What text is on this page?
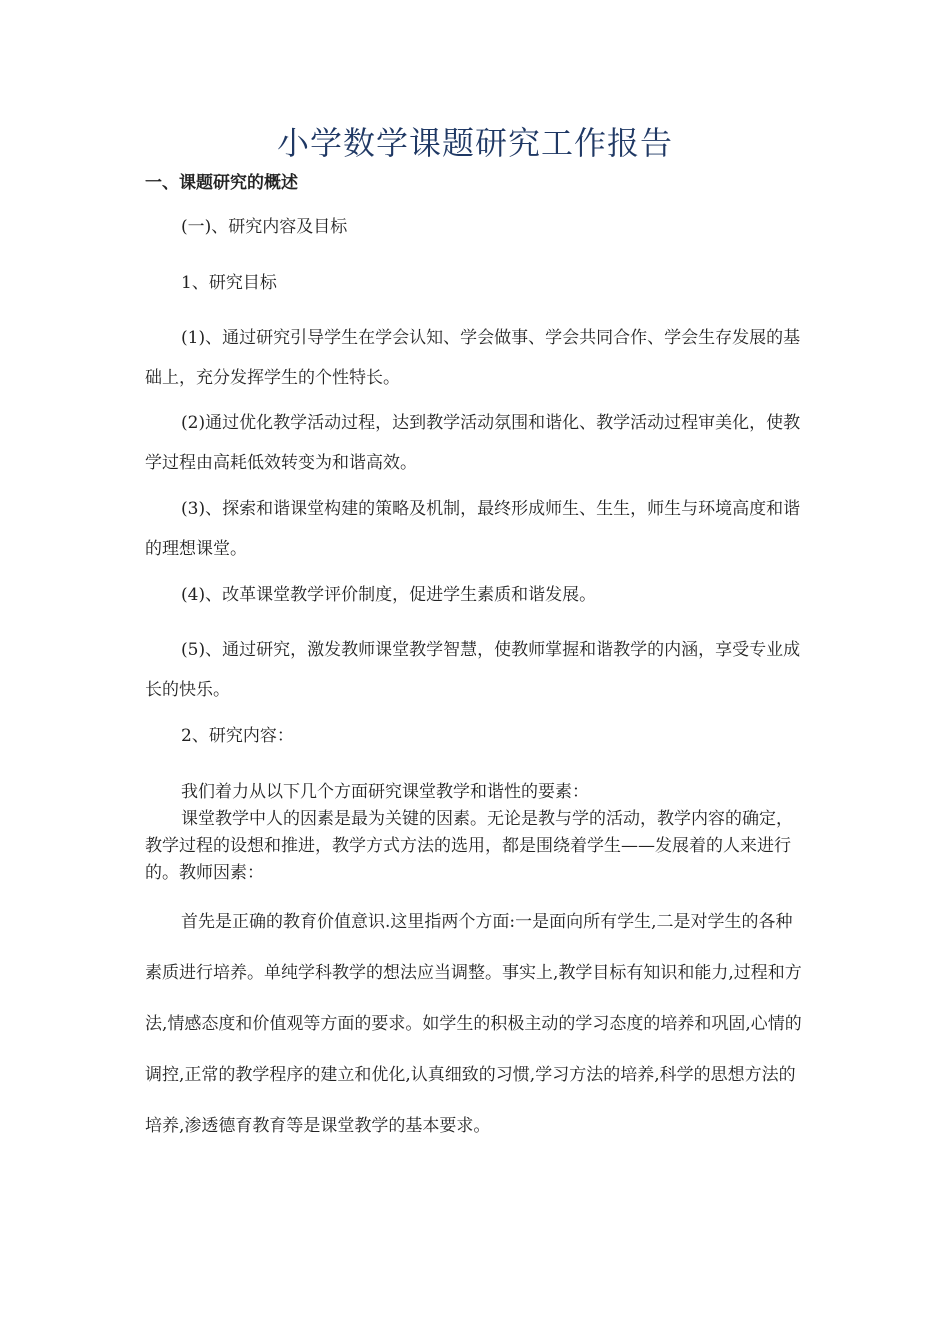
小学数学课题研究工作报告
一、课题研究的概述

(一)、研究内容及目标

1、研究目标

(1)、通过研究引导学生在学会认知、学会做事、学会共同合作、学会生存发展的基础上，充分发挥学生的个性特长。

(2)通过优化教学活动过程，达到教学活动氛围和谐化、教学活动过程审美化，使教学过程由高耗低效转变为和谐高效。

(3)、探索和谐课堂构建的策略及机制，最终形成师生、生生，师生与环境高度和谐的理想课堂。

(4)、改革课堂教学评价制度，促进学生素质和谐发展。

(5)、通过研究，激发教师课堂教学智慧，使教师掌握和谐教学的内涵，享受专业成长的快乐。

2、研究内容：

我们着力从以下几个方面研究课堂教学和谐性的要素：

课堂教学中人的因素是最为关键的因素。无论是教与学的活动，教学内容的确定，教学过程的设想和推进，教学方式方法的选用，都是围绕着学生——发展着的人来进行的。教师因素：

首先是正确的教育价值意识.这里指两个方面:一是面向所有学生,二是对学生的各种素质进行培养。单纯学科教学的想法应当调整。事实上,教学目标有知识和能力,过程和方法,情感态度和价值观等方面的要求。如学生的积极主动的学习态度的培养和巩固,心情的调控,正常的教学程序的建立和优化,认真细致的习惯,学习方法的培养,科学的思想方法的培养,渗透德育教育等是课堂教学的基本要求。
